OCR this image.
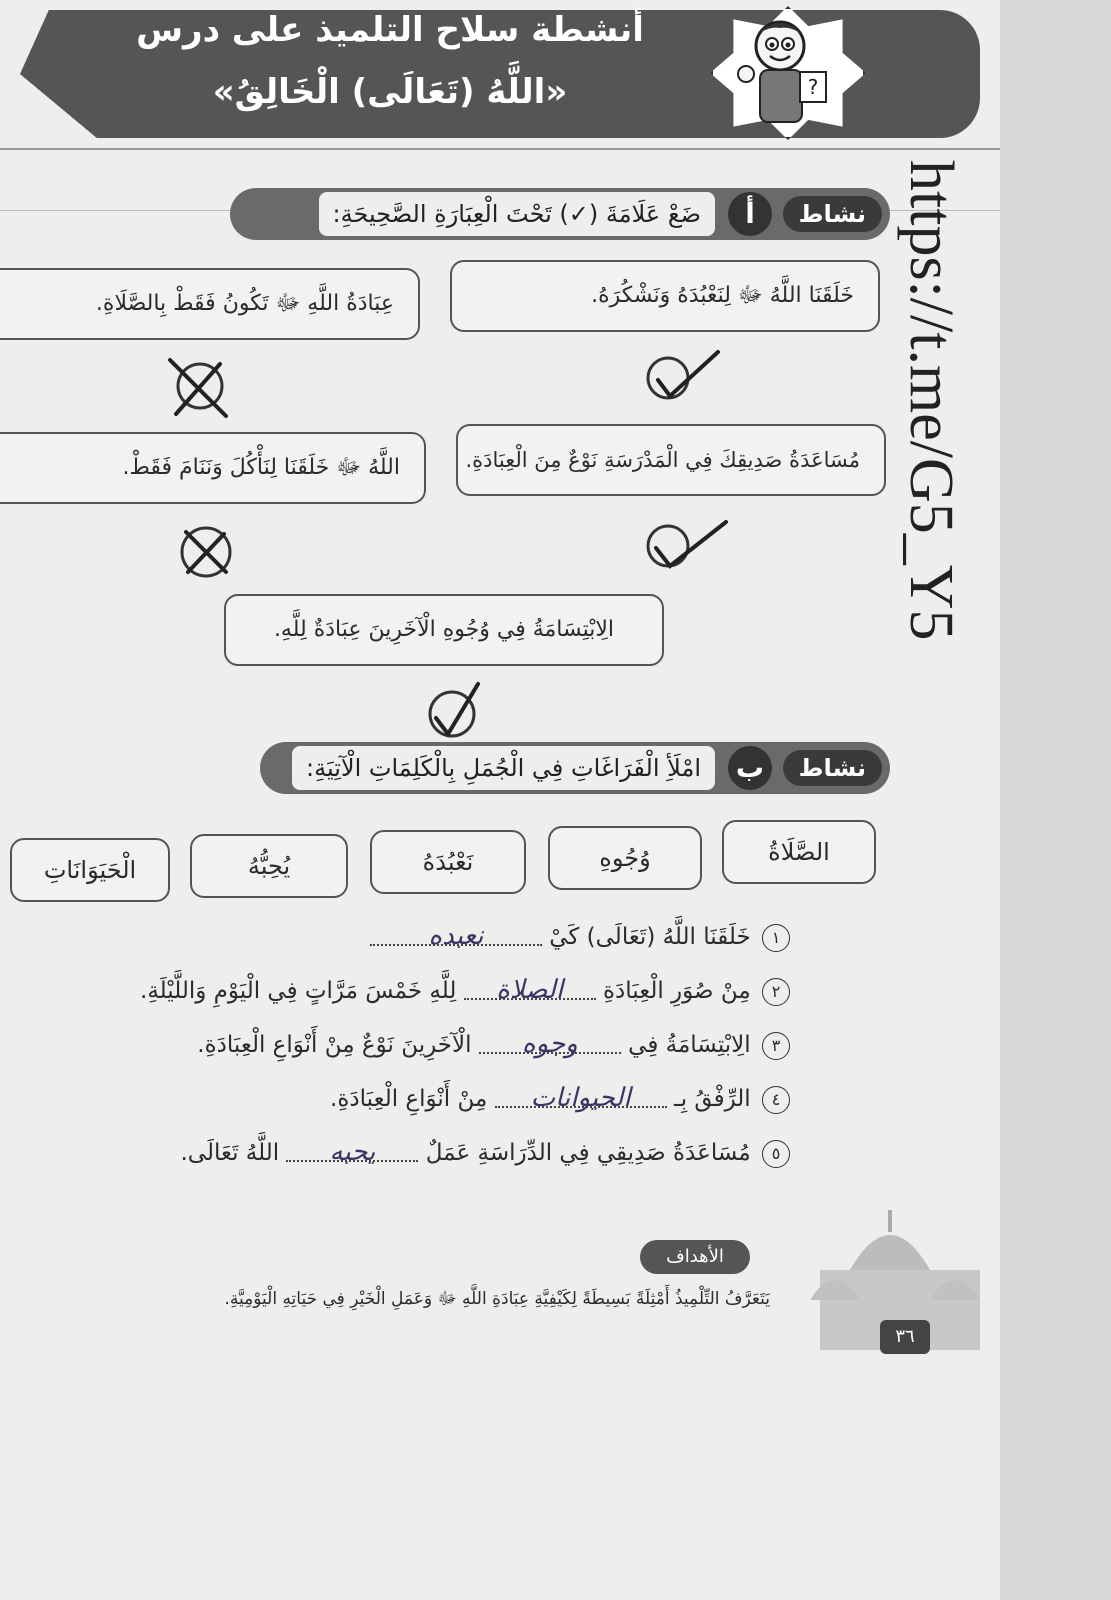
أنشطة سلاح التلميذ على درس
«اللَّهُ (تَعَالَى) الْخَالِقُ»	?
https://t.me/G5_Y5
نشاط
أ
ضَعْ عَلَامَةَ (✓) تَحْتَ الْعِبَارَةِ الصَّحِيحَةِ:
خَلَقَنَا اللَّهُ ﷻ لِنَعْبُدَهُ وَنَشْكُرَهُ.
عِبَادَةُ اللَّهِ ﷻ تَكُونُ فَقَطْ بِالصَّلَاةِ.
مُسَاعَدَةُ صَدِيقِكَ فِي الْمَدْرَسَةِ نَوْعٌ مِنَ الْعِبَادَةِ.
اللَّهُ ﷻ خَلَقَنَا لِنَأْكُلَ وَنَنَامَ فَقَطْ.
الِابْتِسَامَةُ فِي وُجُوهِ الْآخَرِينَ عِبَادَةٌ لِلَّهِ.
نشاط
ب
امْلَأِ الْفَرَاغَاتِ فِي الْجُمَلِ بِالْكَلِمَاتِ الْآتِيَةِ:
الصَّلَاةُ
وُجُوهِ
نَعْبُدَهُ
يُحِبُّهُ
الْحَيَوَانَاتِ
١ خَلَقَنَا اللَّهُ (تَعَالَى) كَيْ نعبده
٢ مِنْ صُوَرِ الْعِبَادَةِ الصلاة لِلَّهِ خَمْسَ مَرَّاتٍ فِي الْيَوْمِ وَاللَّيْلَةِ.
٣ الِابْتِسَامَةُ فِي وجوه الْآخَرِينَ نَوْعٌ مِنْ أَنْوَاعِ الْعِبَادَةِ.
٤ الرِّفْقُ بِـ الحيوانات مِنْ أَنْوَاعِ الْعِبَادَةِ.
٥ مُسَاعَدَةُ صَدِيقِي فِي الدِّرَاسَةِ عَمَلٌ يحبه اللَّهُ تَعَالَى.
الأهداف
يَتَعَرَّفُ التِّلْمِيذُ أَمْثِلَةً بَسِيطَةً لِكَيْفِيَّةِ عِبَادَةِ اللَّهِ ﷻ وَعَمَلِ الْخَيْرِ فِي حَيَاتِهِ الْيَوْمِيَّةِ.
٣٦
